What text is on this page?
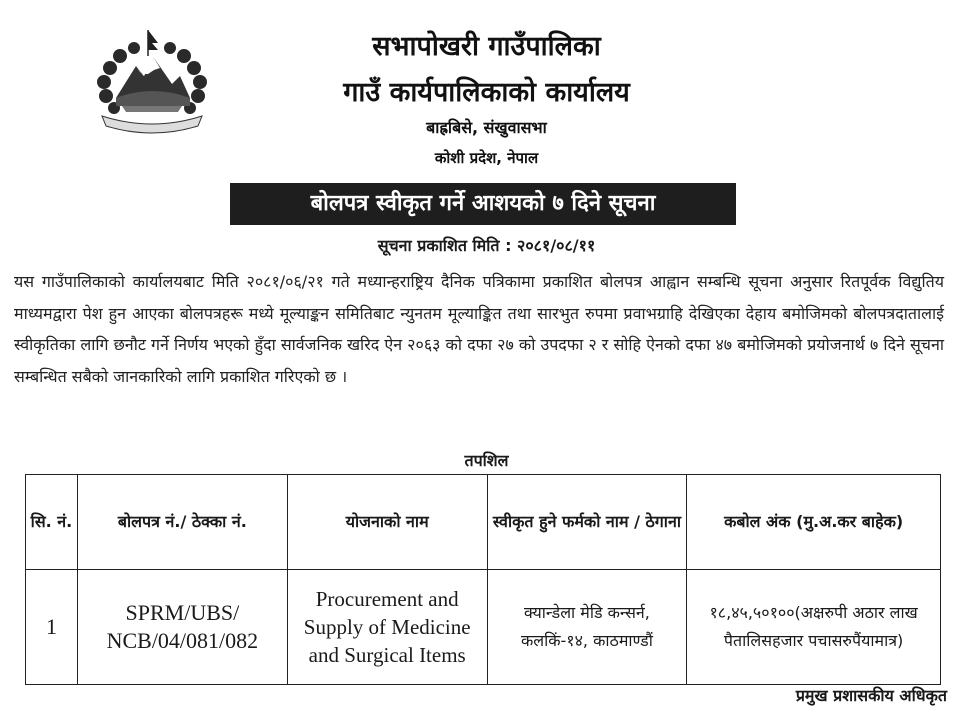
सभापोखरी गाउँपालिका
गाउँ कार्यपालिकाको कार्यालय
बाह्रबिसे, संखुवासभा
कोशी प्रदेश, नेपाल
बोलपत्र स्वीकृत गर्ने आशयको ७ दिने सूचना
सूचना प्रकाशित मिति : २०८१/०८/११
यस गाउँपालिकाको कार्यालयबाट मिति २०८१/०६/२१ गते मध्यान्हराष्ट्रिय दैनिक पत्रिकामा प्रकाशित बोलपत्र आह्वान सम्बन्धि सूचना अनुसार रितपूर्वक विद्युतिय माध्यमद्वारा पेश हुन आएका बोलपत्रहरू मध्ये मूल्याङ्कन समितिबाट न्युनतम मूल्याङ्कित तथा सारभुत रुपमा प्रवाभग्राहि देखिएका देहाय बमोजिमको बोलपत्रदातालाई स्वीकृतिका लागि छनौट गर्ने निर्णय भएको हुँदा सार्वजनिक खरिद ऐन २०६३ को दफा २७ को उपदफा २ र सोहि ऐनको दफा ४७ बमोजिमको प्रयोजनार्थ ७ दिने सूचना सम्बन्धित सबैको जानकारिको लागि प्रकाशित गरिएको छ ।
तपशिल
सि. नं.	बोलपत्र नं./ ठेक्का नं.	योजनाको नाम	स्वीकृत हुने फर्मको नाम / ठेगाना	कबोल अंक (मु.अ.कर बाहेक)
1	SPRM/UBS/ NCB/04/081/082	Procurement and Supply of Medicine and Surgical Items	क्यान्डेला मेडि कन्सर्न, कलकिं-१४, काठमाण्डौं	१८,४५,५०१००(अक्षरुपी अठार लाख पैतालिसहजार पचासरुपैंयामात्र)
प्रमुख प्रशासकीय अधिकृत
